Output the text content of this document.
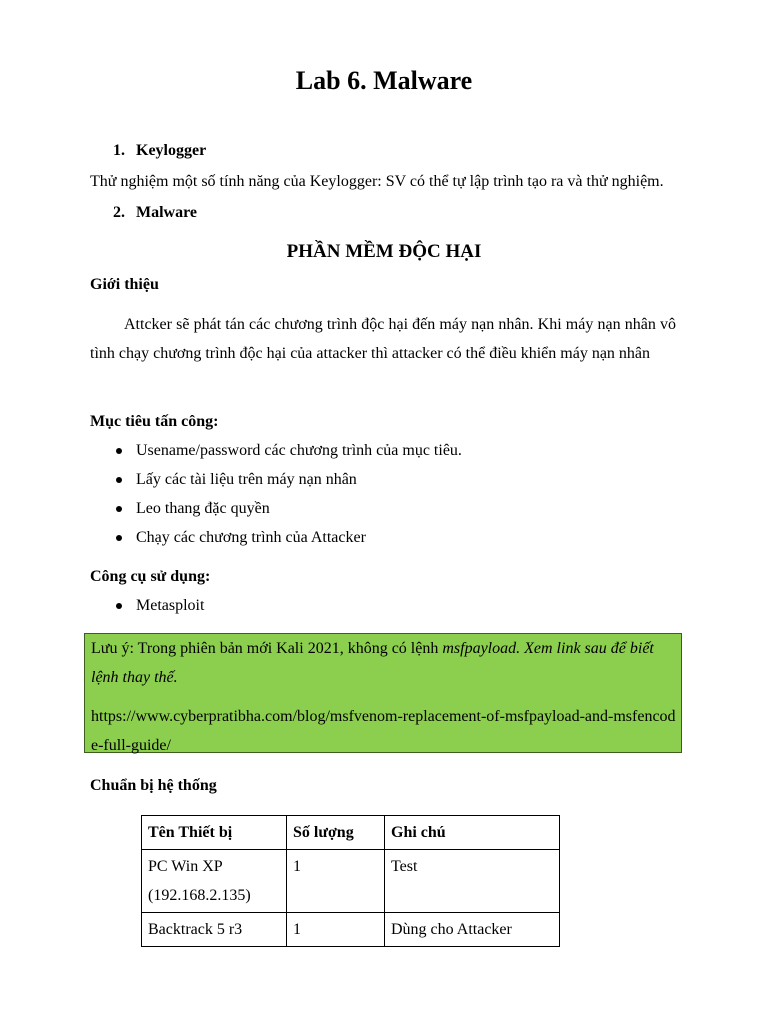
Lab 6. Malware
1. Keylogger
Thử nghiệm một số tính năng của Keylogger: SV có thể tự lập trình tạo ra và thử nghiệm.
2. Malware
PHẦN MỀM ĐỘC HẠI
Giới thiệu
Attcker sẽ phát tán các chương trình độc hại đến máy nạn nhân. Khi máy nạn nhân vô tình chạy chương trình độc hại của attacker thì attacker có thể điều khiển máy nạn nhân
Mục tiêu tấn công:
Usename/password các chương trình của mục tiêu.
Lấy các tài liệu trên máy nạn nhân
Leo thang đặc quyền
Chạy các chương trình của Attacker
Công cụ sử dụng:
Metasploit
Lưu ý: Trong phiên bản mới Kali 2021, không có lệnh msfpayload. Xem link sau để biết lệnh thay thế.
https://www.cyberpratibha.com/blog/msfvenom-replacement-of-msfpayload-and-msfencode-full-guide/
Chuẩn bị hệ thống
Tên Thiết bị	Số lượng	Ghi chú
PC Win XP (192.168.2.135)	1	Test
Backtrack 5 r3	1	Dùng cho Attacker
